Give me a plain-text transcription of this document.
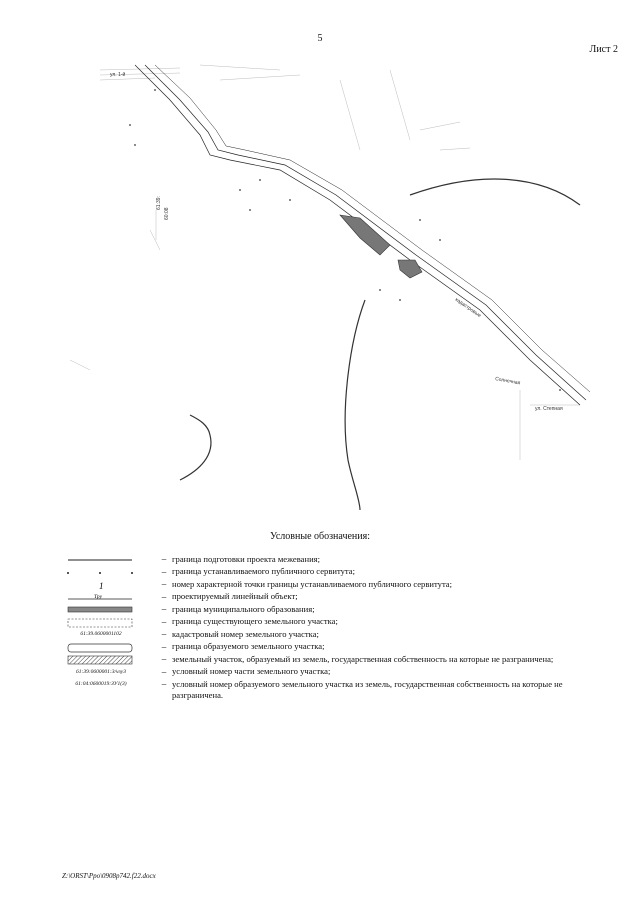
5
Лист 2
ул. 1-й
61:39:
60:08
кадастровые
Солнечная
ул. Степная
Условные обозначения:
– граница подготовки проекта межевания;
– граница устанавливаемого публичного сервитута;
1	– номер характерной точки границы устанавливаемого публичного сервитута;
Тру	– проектируемый линейный объект;
– граница муниципального образования;
– граница существующего земельного участка;
61:39.0600001102	– кадастровый номер земельного участка;
– граница образуемого земельного участка;
– земельный участок, образуемый из земель, государственная собственность на которые не разграничена;
61:39:0600001:3/чзу3	– условный номер части земельного участка;
61:04:0600019:ЗУ1(3)	– условный номер образуемого земельного участка из земель, государственная собственность на которые не разграничена.
Z:\ORST\Ppo\0908p742.f22.docx
